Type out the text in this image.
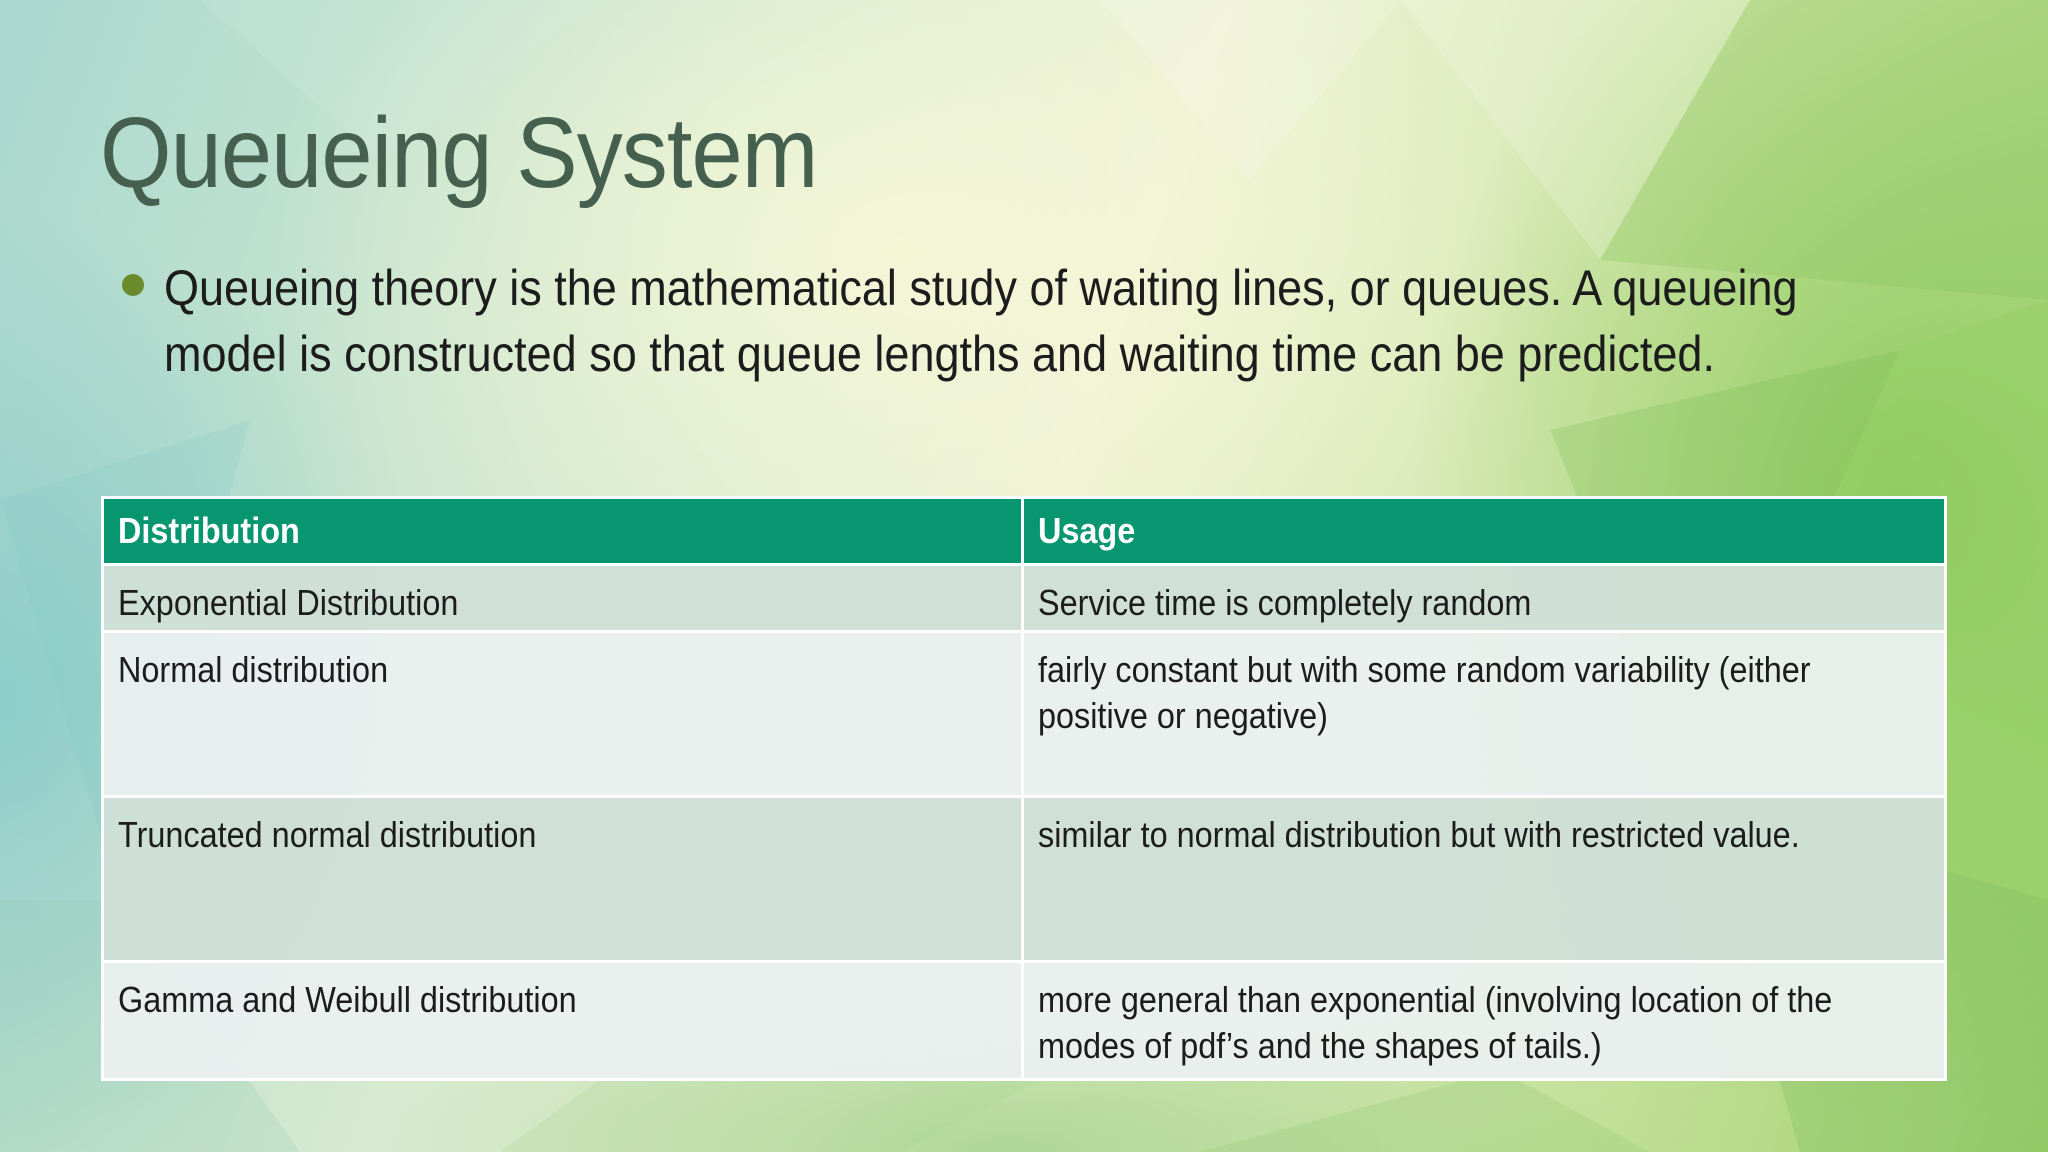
Queueing System
Queueing theory is the mathematical study of waiting lines, or queues. A queueing model is constructed so that queue lengths and waiting time can be predicted.
Distribution	Usage

Exponential Distribution	Service time is completely random

Normal distribution	fairly constant but with some random variability (either positive or negative)

Truncated normal distribution	similar to normal distribution but with restricted value.

Gamma and Weibull distribution	more general than exponential (involving location of the modes of pdf’s and the shapes of tails.)
